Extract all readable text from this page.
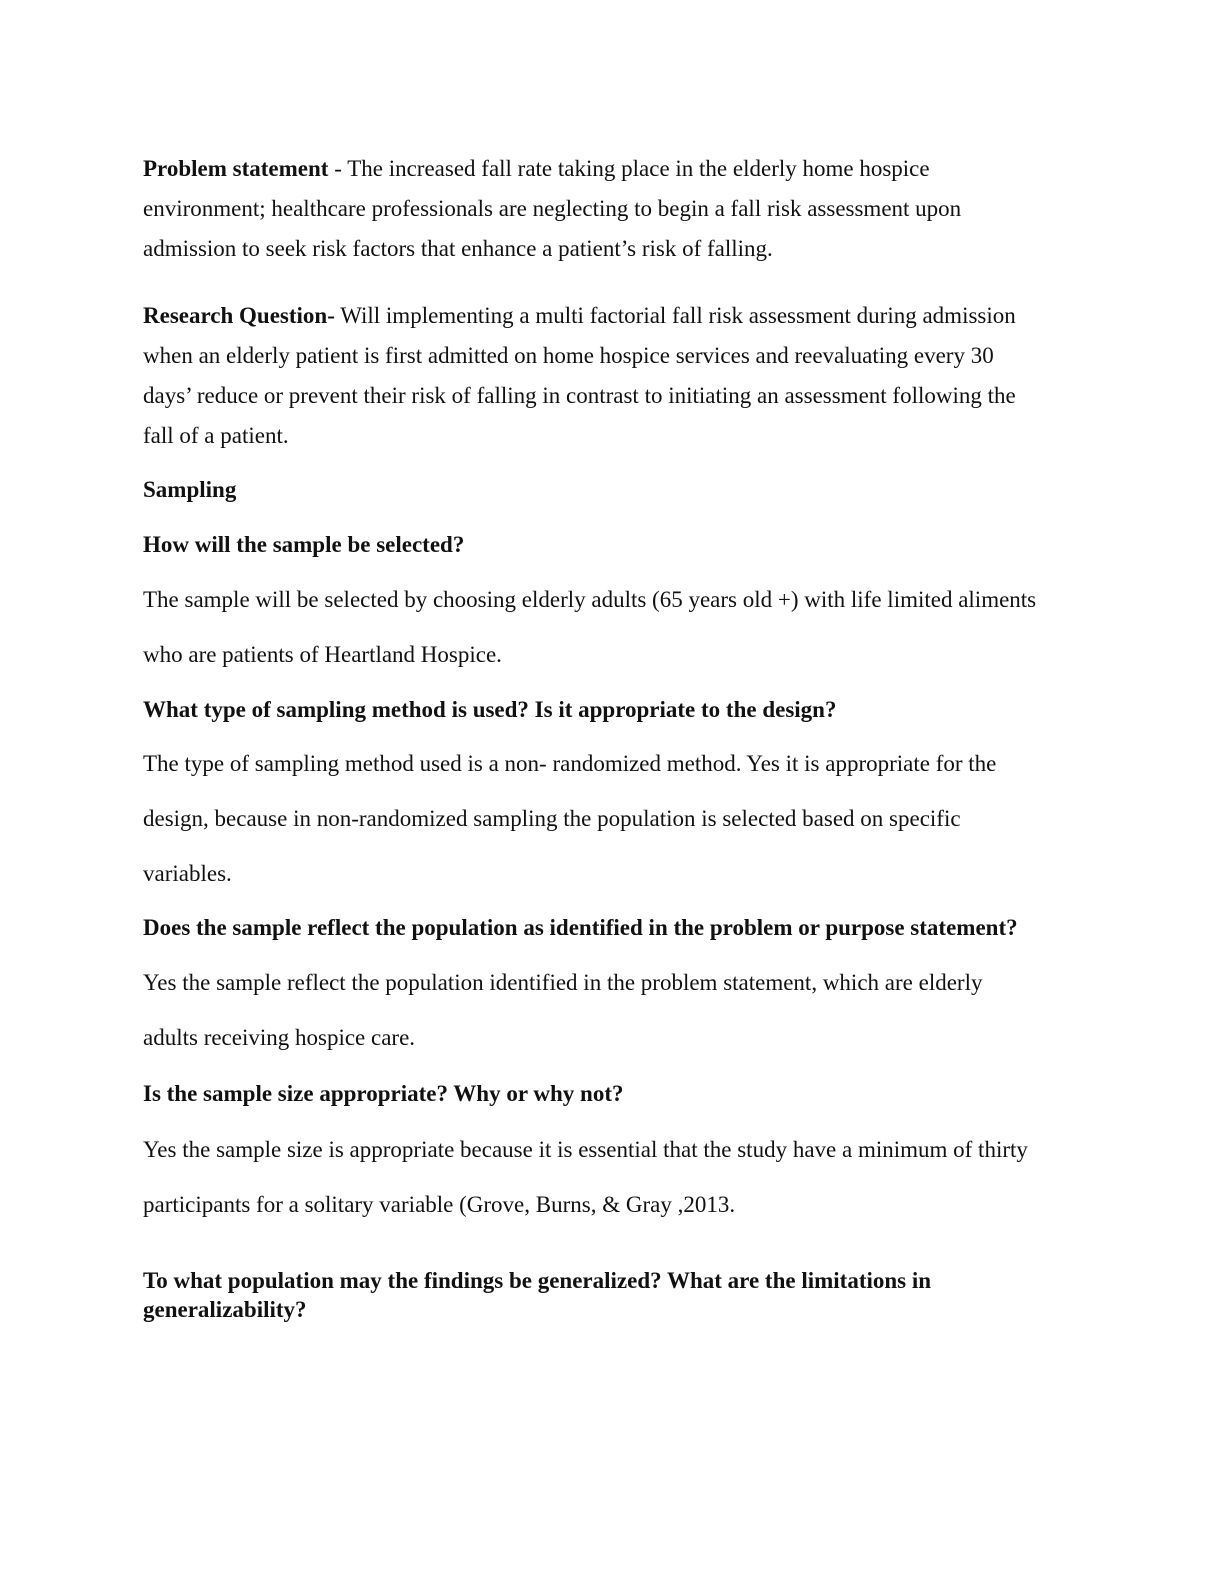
Problem statement - The increased fall rate taking place in the elderly home hospice
environment; healthcare professionals are neglecting to begin a fall risk assessment upon
admission to seek risk factors that enhance a patient’s risk of falling.
Research Question- Will implementing a multi factorial fall risk assessment during admission
when an elderly patient is first admitted on home hospice services and reevaluating every 30
days’ reduce or prevent their risk of falling in contrast to initiating an assessment following the
fall of a patient.
Sampling
How will the sample be selected?
The sample will be selected by choosing elderly adults (65 years old +) with life limited aliments
who are patients of Heartland Hospice.
What type of sampling method is used? Is it appropriate to the design?
The type of sampling method used is a non- randomized method. Yes it is appropriate for the
design, because in non-randomized sampling the population is selected based on specific
variables.
Does the sample reflect the population as identified in the problem or purpose statement?
Yes the sample reflect the population identified in the problem statement, which are elderly
adults receiving hospice care.
Is the sample size appropriate? Why or why not?
Yes the sample size is appropriate because it is essential that the study have a minimum of thirty
participants for a solitary variable (Grove, Burns, & Gray ,2013.
To what population may the findings be generalized? What are the limitations in
generalizability?
